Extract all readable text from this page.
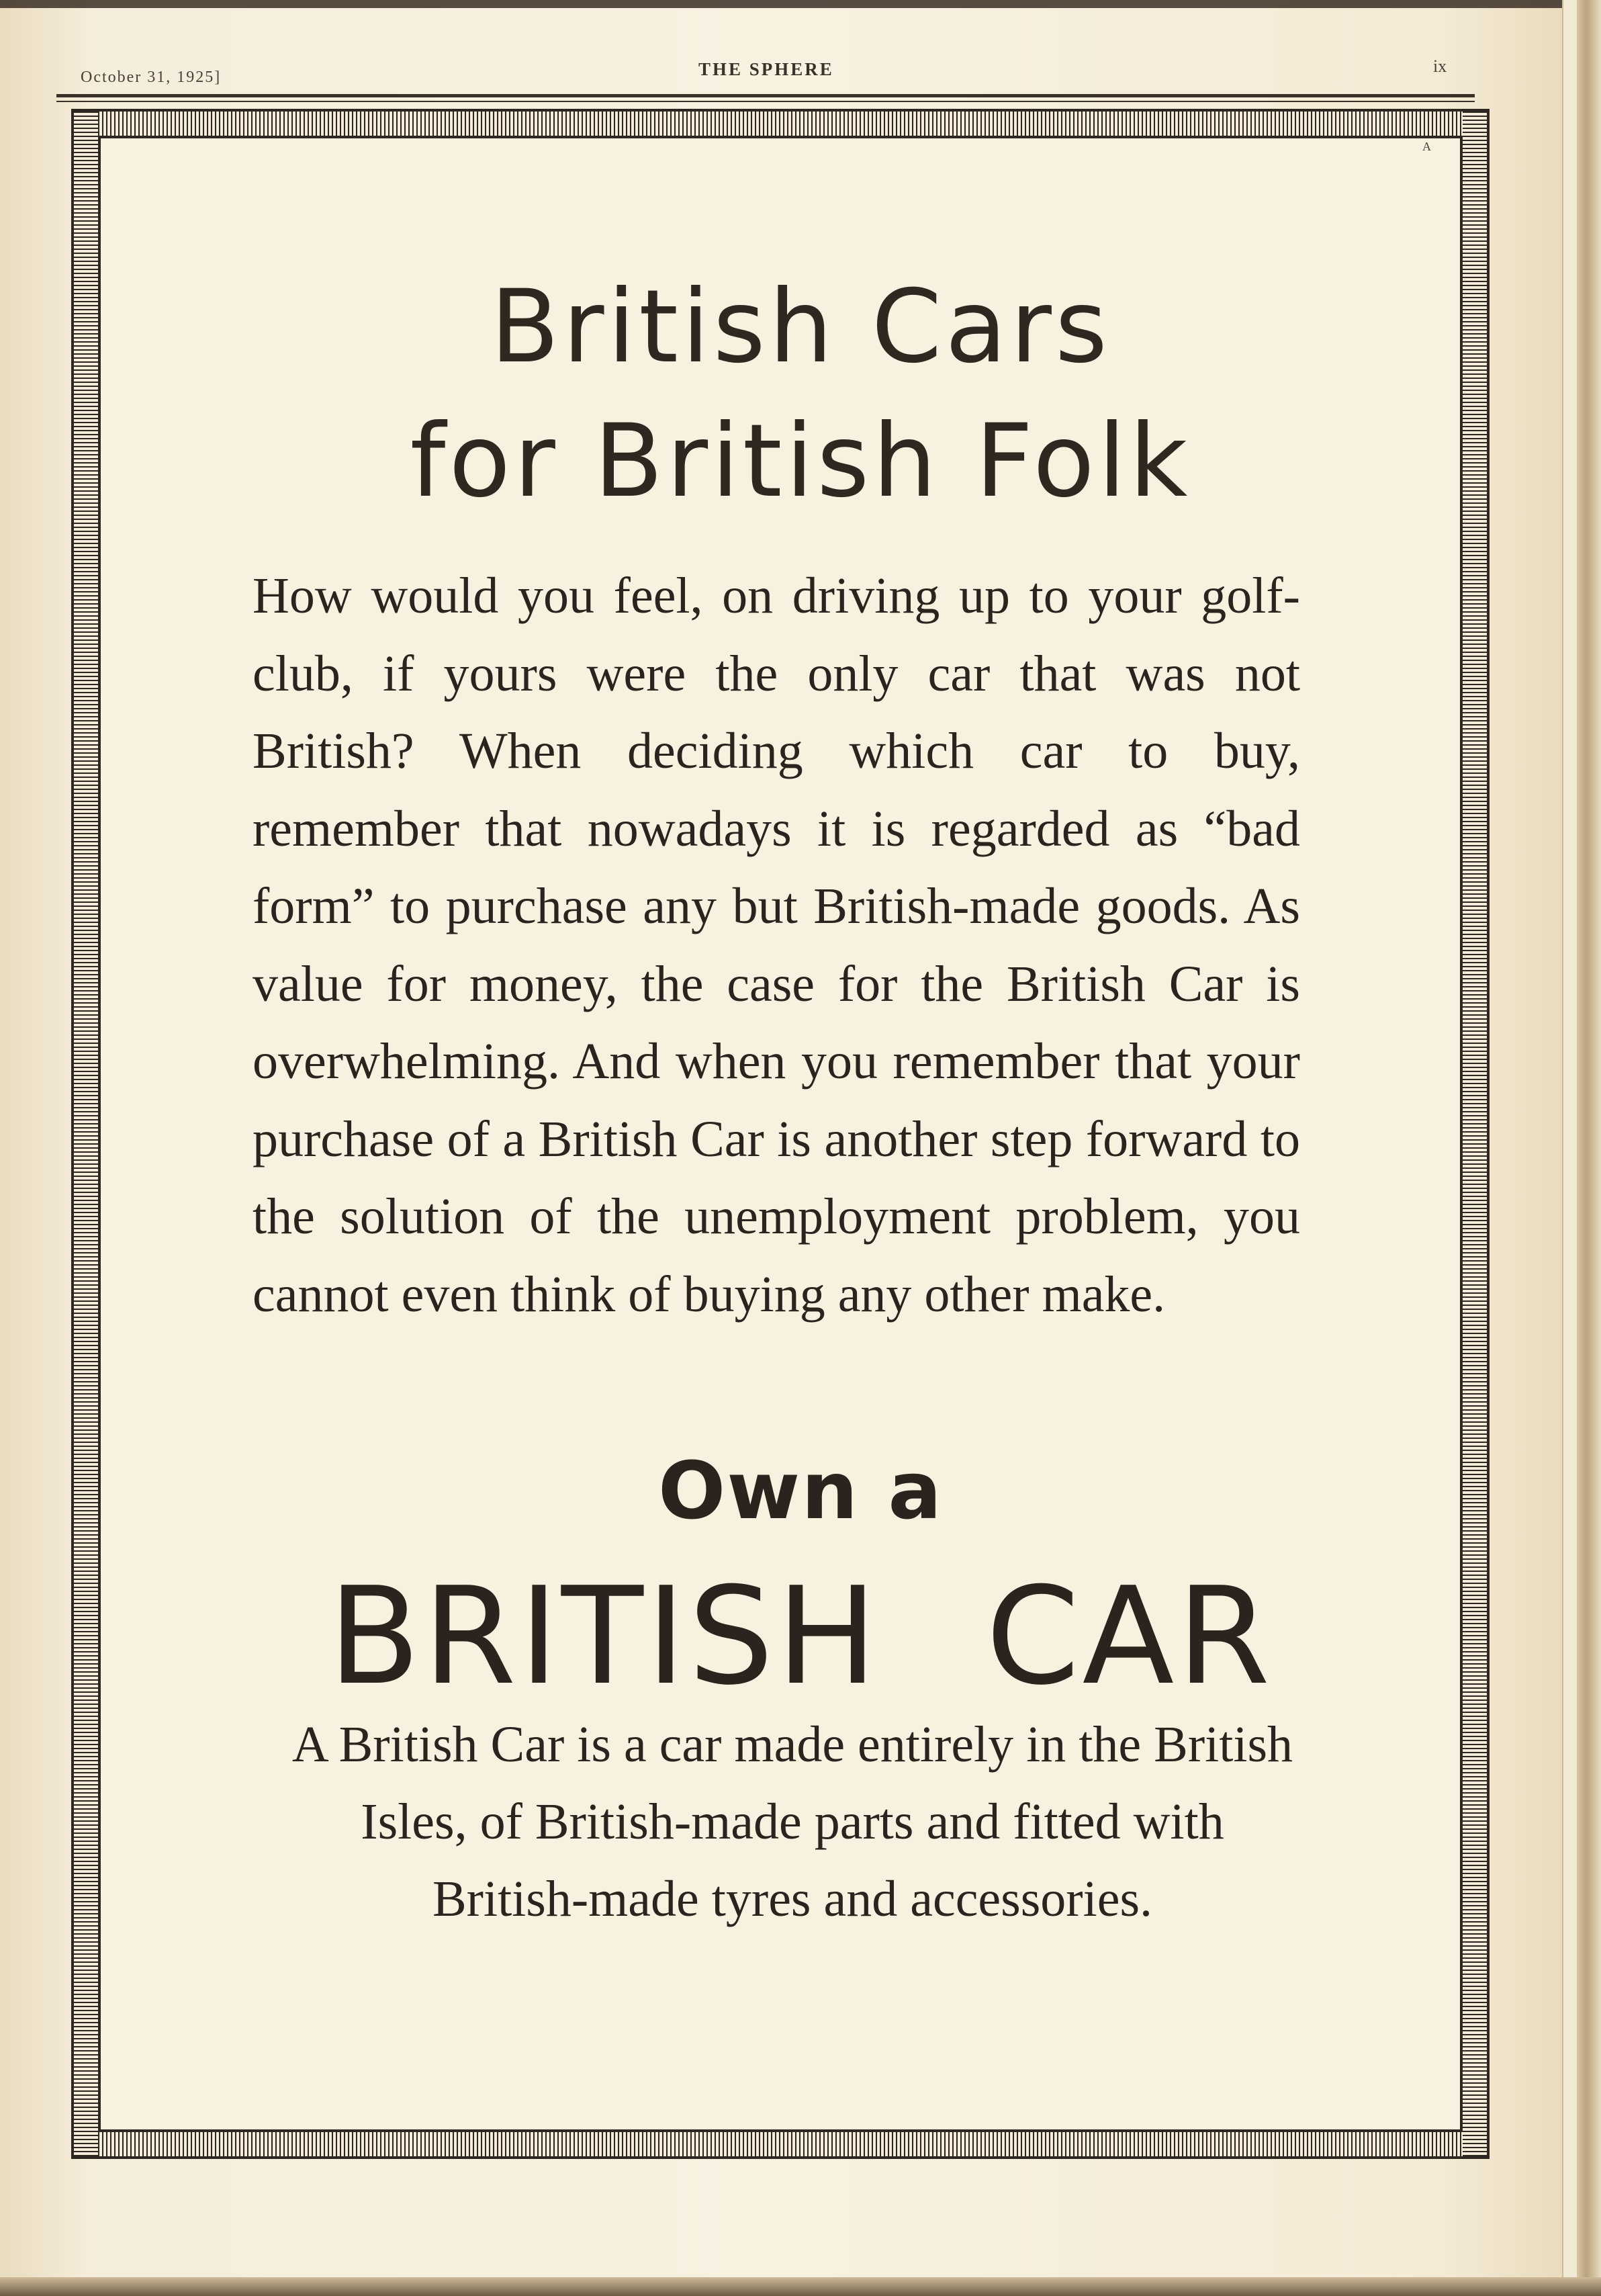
October 31, 1925]	THE SPHERE	ix
A
British Cars
for British Folk
How would you feel, on driving up to your golf-club, if yours were the only car that was not British? When deciding which car to buy, remember that nowadays it is regarded as “bad form” to purchase any but British-made goods. As value for money, the case for the British Car is overwhelming. And when you remember that your purchase of a British Car is another step forward to the solution of the unemployment problem, you cannot even think of buying any other make.
Own a
BRITISH CAR
A British Car is a car made entirely in the British Isles, of British-made parts and fitted with British-made tyres and accessories.
